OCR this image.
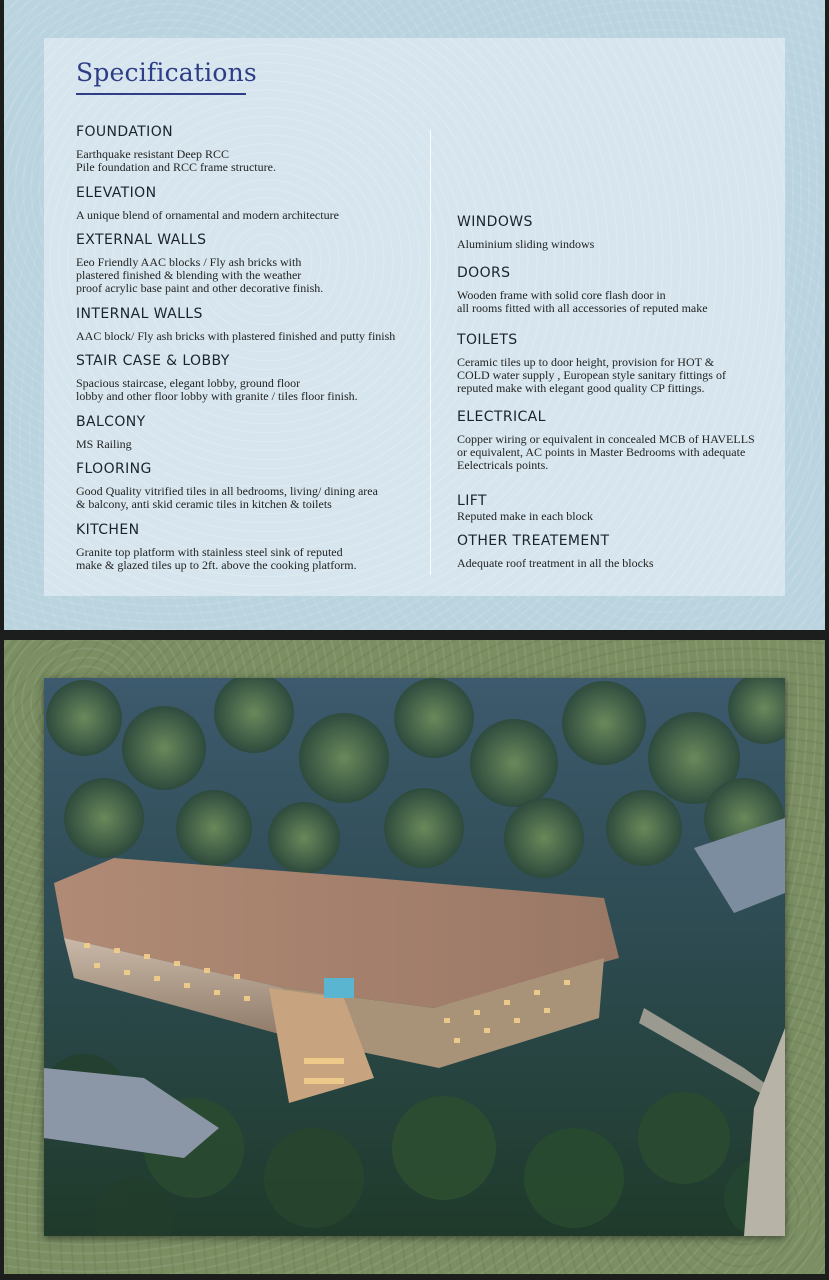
Specifications
FOUNDATION

Earthquake resistant Deep RCC
Pile foundation and RCC frame structure.

ELEVATION

A unique blend of ornamental and modern architecture

EXTERNAL WALLS

Eeo Friendly AAC blocks / Fly ash bricks with
plastered finished & blending with the weather
proof acrylic base paint and other decorative finish.

INTERNAL WALLS

AAC block/ Fly ash bricks with plastered finished and putty finish

STAIR CASE & LOBBY

Spacious staircase, elegant lobby, ground floor
lobby and other floor lobby with granite / tiles floor finish.

BALCONY

MS Railing

FLOORING

Good Quality vitrified tiles in all bedrooms, living/ dining area
& balcony, anti skid ceramic tiles in kitchen & toilets

KITCHEN

Granite top platform with stainless steel sink of reputed
make & glazed tiles up to 2ft. above the cooking platform.

WINDOWS

Aluminium sliding windows

DOORS

Wooden frame with solid core flash door in
all rooms fitted with all accessories of reputed make

TOILETS

Ceramic tiles up to door height, provision for HOT &
COLD water supply , European style sanitary fittings of
reputed make with elegant good quality CP fittings.

ELECTRICAL

Copper wiring or equivalent in concealed MCB of HAVELLS
or equivalent, AC points in Master Bedrooms with adequate
Eelectricals points.

LIFT

Reputed make in each block

OTHER TREATEMENT

Adequate roof treatment in all the blocks
